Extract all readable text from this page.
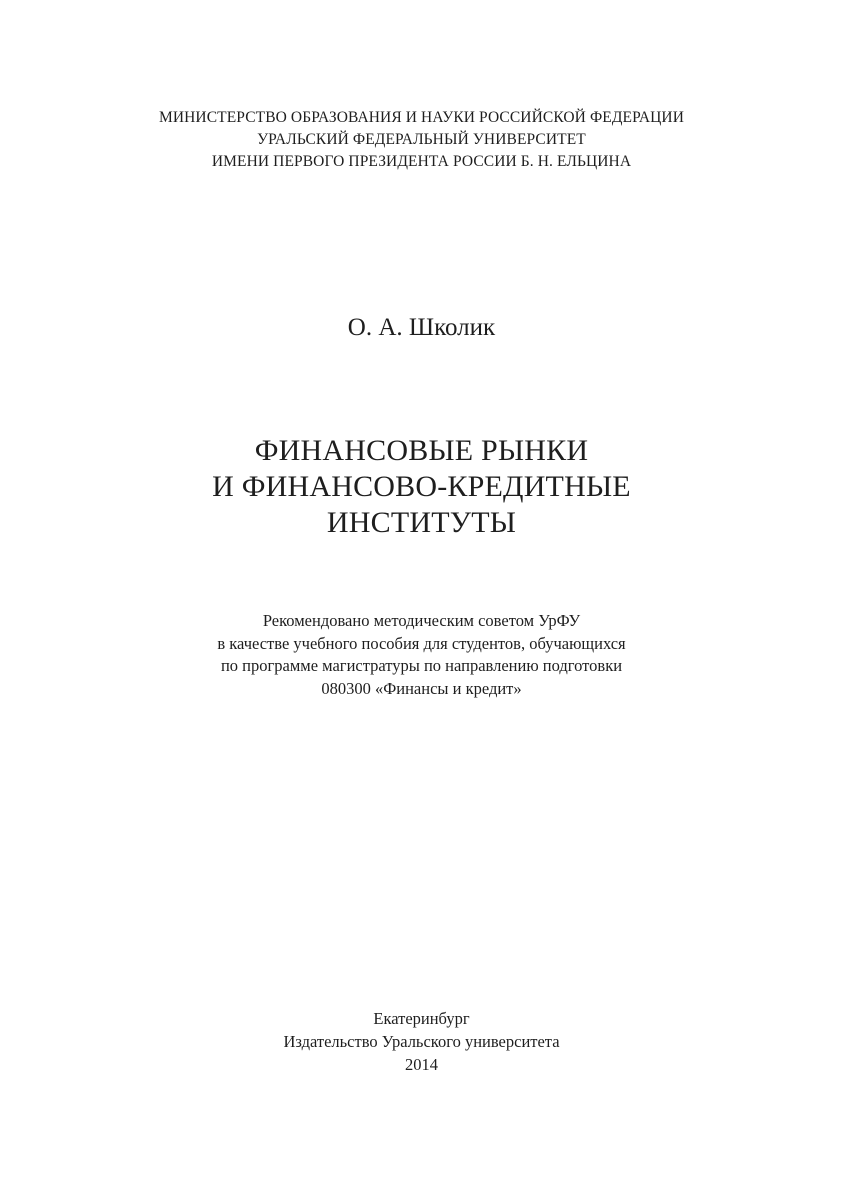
МИНИСТЕРСТВО ОБРАЗОВАНИЯ И НАУКИ РОССИЙСКОЙ ФЕДЕРАЦИИ
УРАЛЬСКИЙ ФЕДЕРАЛЬНЫЙ УНИВЕРСИТЕТ
ИМЕНИ ПЕРВОГО ПРЕЗИДЕНТА РОССИИ Б. Н. ЕЛЬЦИНА
О. А. Школик
ФИНАНСОВЫЕ РЫНКИ
И ФИНАНСОВО-КРЕДИТНЫЕ
ИНСТИТУТЫ
Рекомендовано методическим советом УрФУ
в качестве учебного пособия для студентов, обучающихся
по программе магистратуры по направлению подготовки
080300 «Финансы и кредит»
Екатеринбург
Издательство Уральского университета
2014
